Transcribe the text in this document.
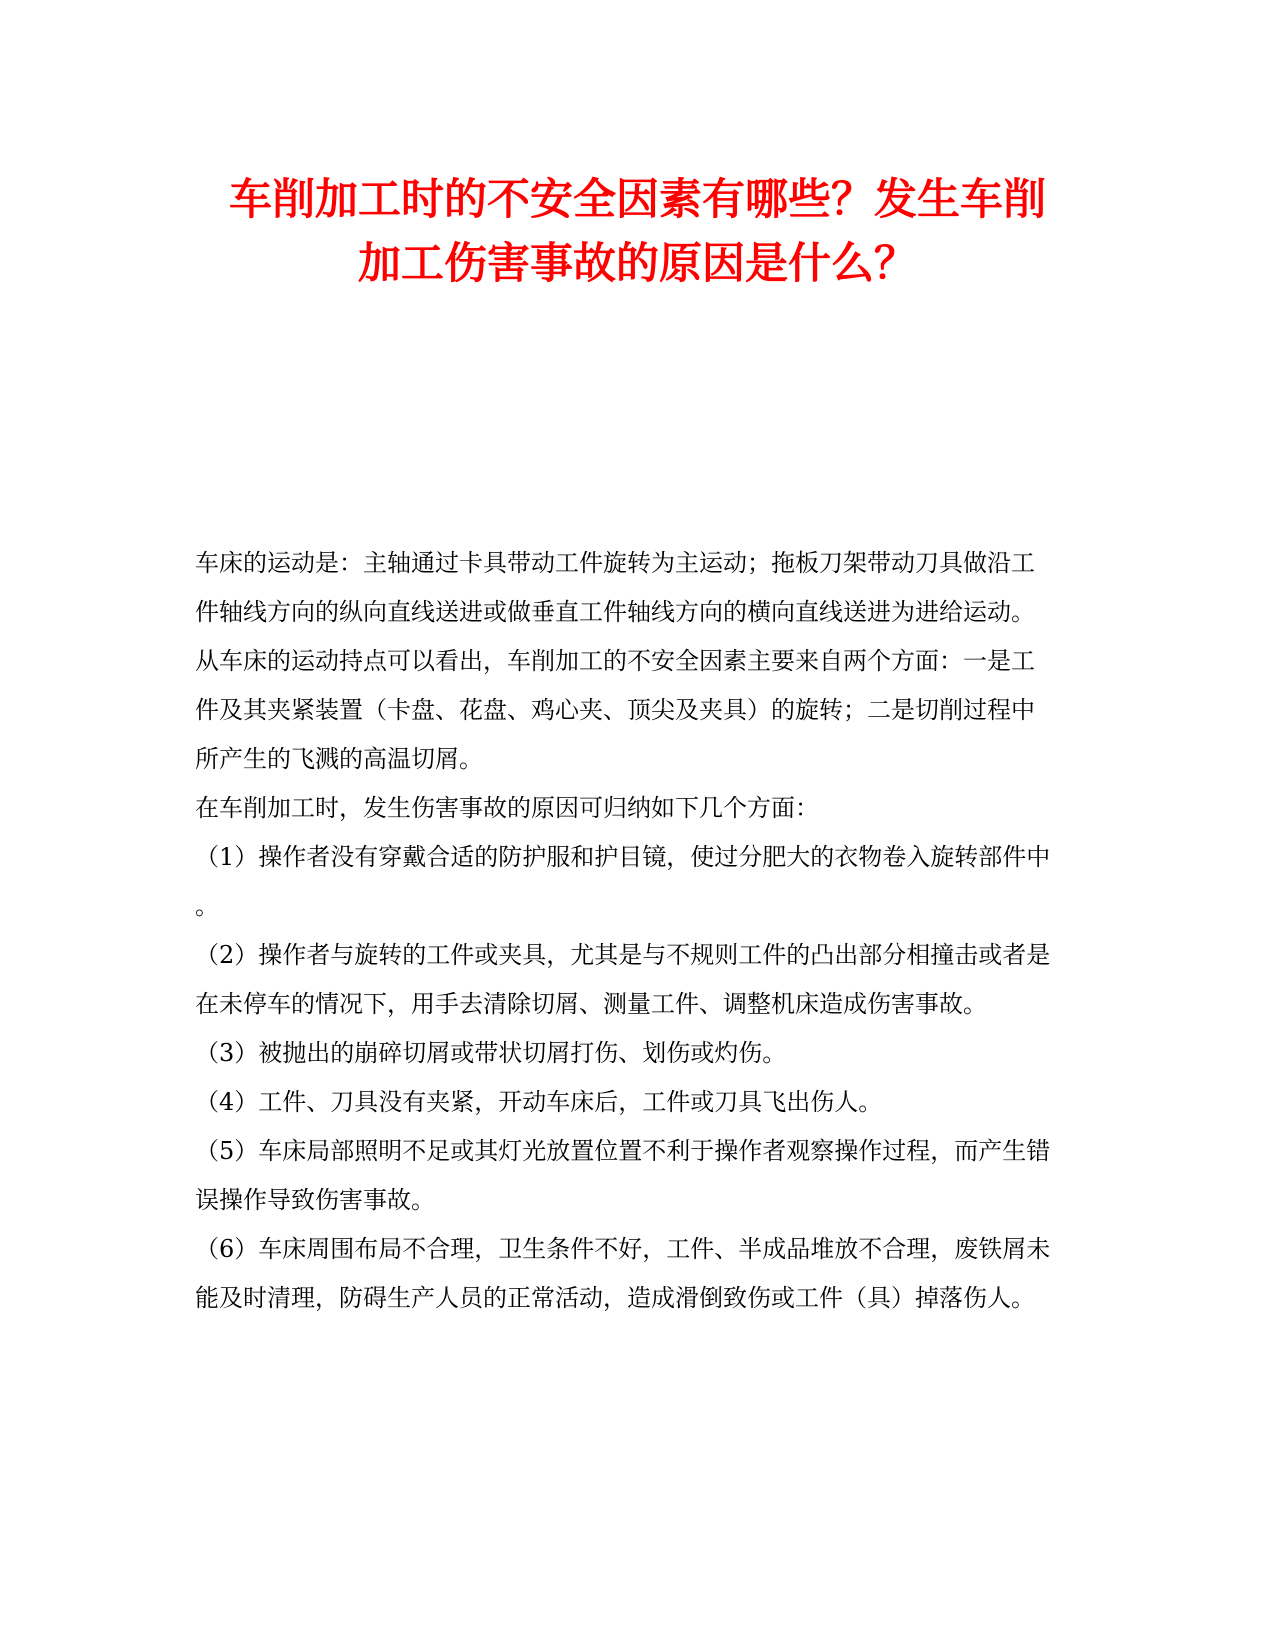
车削加工时的不安全因素有哪些？发生车削
加工伤害事故的原因是什么？
车床的运动是：主轴通过卡具带动工件旋转为主运动；拖板刀架带动刀具做沿工
件轴线方向的纵向直线送进或做垂直工件轴线方向的横向直线送进为进给运动。
从车床的运动持点可以看出，车削加工的不安全因素主要来自两个方面：一是工
件及其夹紧装置（卡盘、花盘、鸡心夹、顶尖及夹具）的旋转；二是切削过程中
所产生的飞溅的高温切屑。
在车削加工时，发生伤害事故的原因可归纳如下几个方面：
（1）操作者没有穿戴合适的防护服和护目镜，使过分肥大的衣物卷入旋转部件中
。
（2）操作者与旋转的工件或夹具，尤其是与不规则工件的凸出部分相撞击或者是
在未停车的情况下，用手去清除切屑、测量工件、调整机床造成伤害事故。
（3）被抛出的崩碎切屑或带状切屑打伤、划伤或灼伤。
（4）工件、刀具没有夹紧，开动车床后，工件或刀具飞出伤人。
（5）车床局部照明不足或其灯光放置位置不利于操作者观察操作过程，而产生错
误操作导致伤害事故。
（6）车床周围布局不合理，卫生条件不好，工件、半成品堆放不合理，废铁屑未
能及时清理，防碍生产人员的正常活动，造成滑倒致伤或工件（具）掉落伤人。
